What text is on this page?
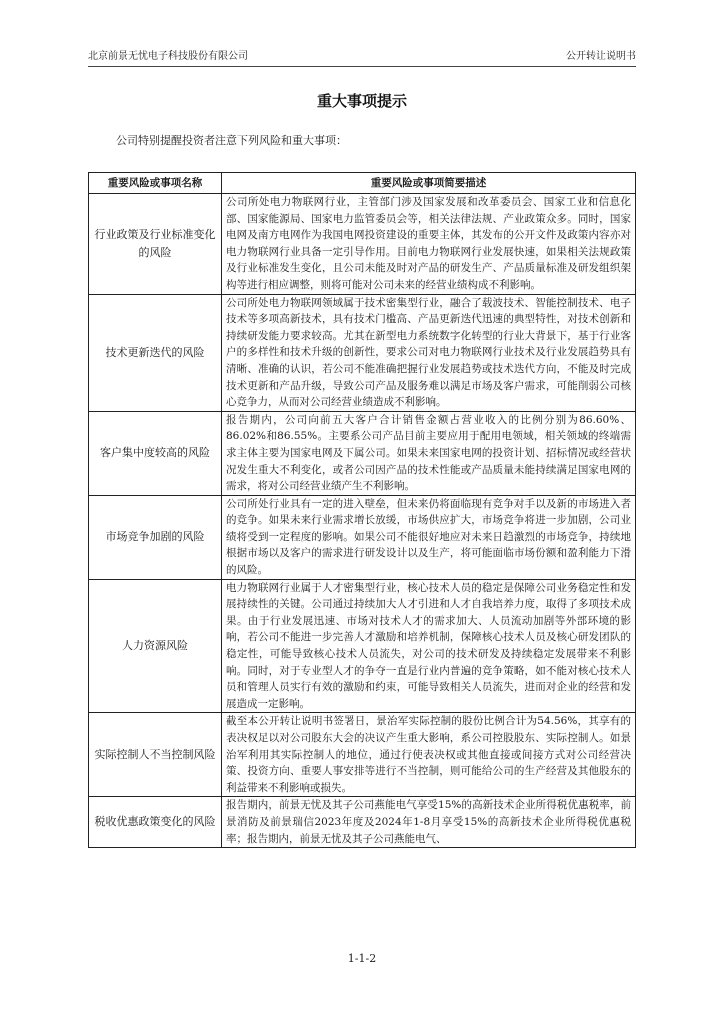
北京前景无忧电子科技股份有限公司	公开转让说明书
重大事项提示
公司特别提醒投资者注意下列风险和重大事项：
重要风险或事项名称	重要风险或事项简要描述
行业政策及行业标准变化的风险	公司所处电力物联网行业，主管部门涉及国家发展和改革委员会、国家工业和信息化部、国家能源局、国家电力监管委员会等，相关法律法规、产业政策众多。同时，国家电网及南方电网作为我国电网投资建设的重要主体，其发布的公开文件及政策内容亦对电力物联网行业具备一定引导作用。目前电力物联网行业发展快速，如果相关法规政策及行业标准发生变化，且公司未能及时对产品的研发生产、产品质量标准及研发组织架构等进行相应调整，则将可能对公司未来的经营业绩构成不利影响。
技术更新迭代的风险	公司所处电力物联网领域属于技术密集型行业，融合了载波技术、智能控制技术、电子技术等多项高新技术，具有技术门槛高、产品更新迭代迅速的典型特性，对技术创新和持续研发能力要求较高。尤其在新型电力系统数字化转型的行业大背景下，基于行业客户的多样性和技术升级的创新性，要求公司对电力物联网行业技术及行业发展趋势具有清晰、准确的认识，若公司不能准确把握行业发展趋势或技术迭代方向，不能及时完成技术更新和产品升级，导致公司产品及服务难以满足市场及客户需求，可能削弱公司核心竞争力，从而对公司经营业绩造成不利影响。
客户集中度较高的风险	报告期内，公司向前五大客户合计销售金额占营业收入的比例分别为86.60%、86.02%和86.55%。主要系公司产品目前主要应用于配用电领域，相关领域的终端需求主体主要为国家电网及下属公司。如果未来国家电网的投资计划、招标情况或经营状况发生重大不利变化，或者公司因产品的技术性能或产品质量未能持续满足国家电网的需求，将对公司经营业绩产生不利影响。
市场竞争加剧的风险	公司所处行业具有一定的进入壁垒，但未来仍将面临现有竞争对手以及新的市场进入者的竞争。如果未来行业需求增长放缓，市场供应扩大，市场竞争将进一步加剧，公司业绩将受到一定程度的影响。如果公司不能很好地应对未来日趋激烈的市场竞争，持续地根据市场以及客户的需求进行研发设计以及生产，将可能面临市场份额和盈利能力下滑的风险。
人力资源风险	电力物联网行业属于人才密集型行业，核心技术人员的稳定是保障公司业务稳定性和发展持续性的关键。公司通过持续加大人才引进和人才自我培养力度，取得了多项技术成果。由于行业发展迅速、市场对技术人才的需求加大、人员流动加剧等外部环境的影响，若公司不能进一步完善人才激励和培养机制，保障核心技术人员及核心研发团队的稳定性，可能导致核心技术人员流失，对公司的技术研发及持续稳定发展带来不利影响。同时，对于专业型人才的争夺一直是行业内普遍的竞争策略，如不能对核心技术人员和管理人员实行有效的激励和约束，可能导致相关人员流失，进而对企业的经营和发展造成一定影响。
实际控制人不当控制风险	截至本公开转让说明书签署日，景治军实际控制的股份比例合计为54.56%，其享有的表决权足以对公司股东大会的决议产生重大影响，系公司控股股东、实际控制人。如景治军利用其实际控制人的地位，通过行使表决权或其他直接或间接方式对公司经营决策、投资方向、重要人事安排等进行不当控制，则可能给公司的生产经营及其他股东的利益带来不利影响或损失。
税收优惠政策变化的风险	报告期内，前景无忧及其子公司燕能电气享受15%的高新技术企业所得税优惠税率，前景消防及前景瑞信2023年度及2024年1-8月享受15%的高新技术企业所得税优惠税率；报告期内，前景无忧及其子公司燕能电气、
1-1-2
